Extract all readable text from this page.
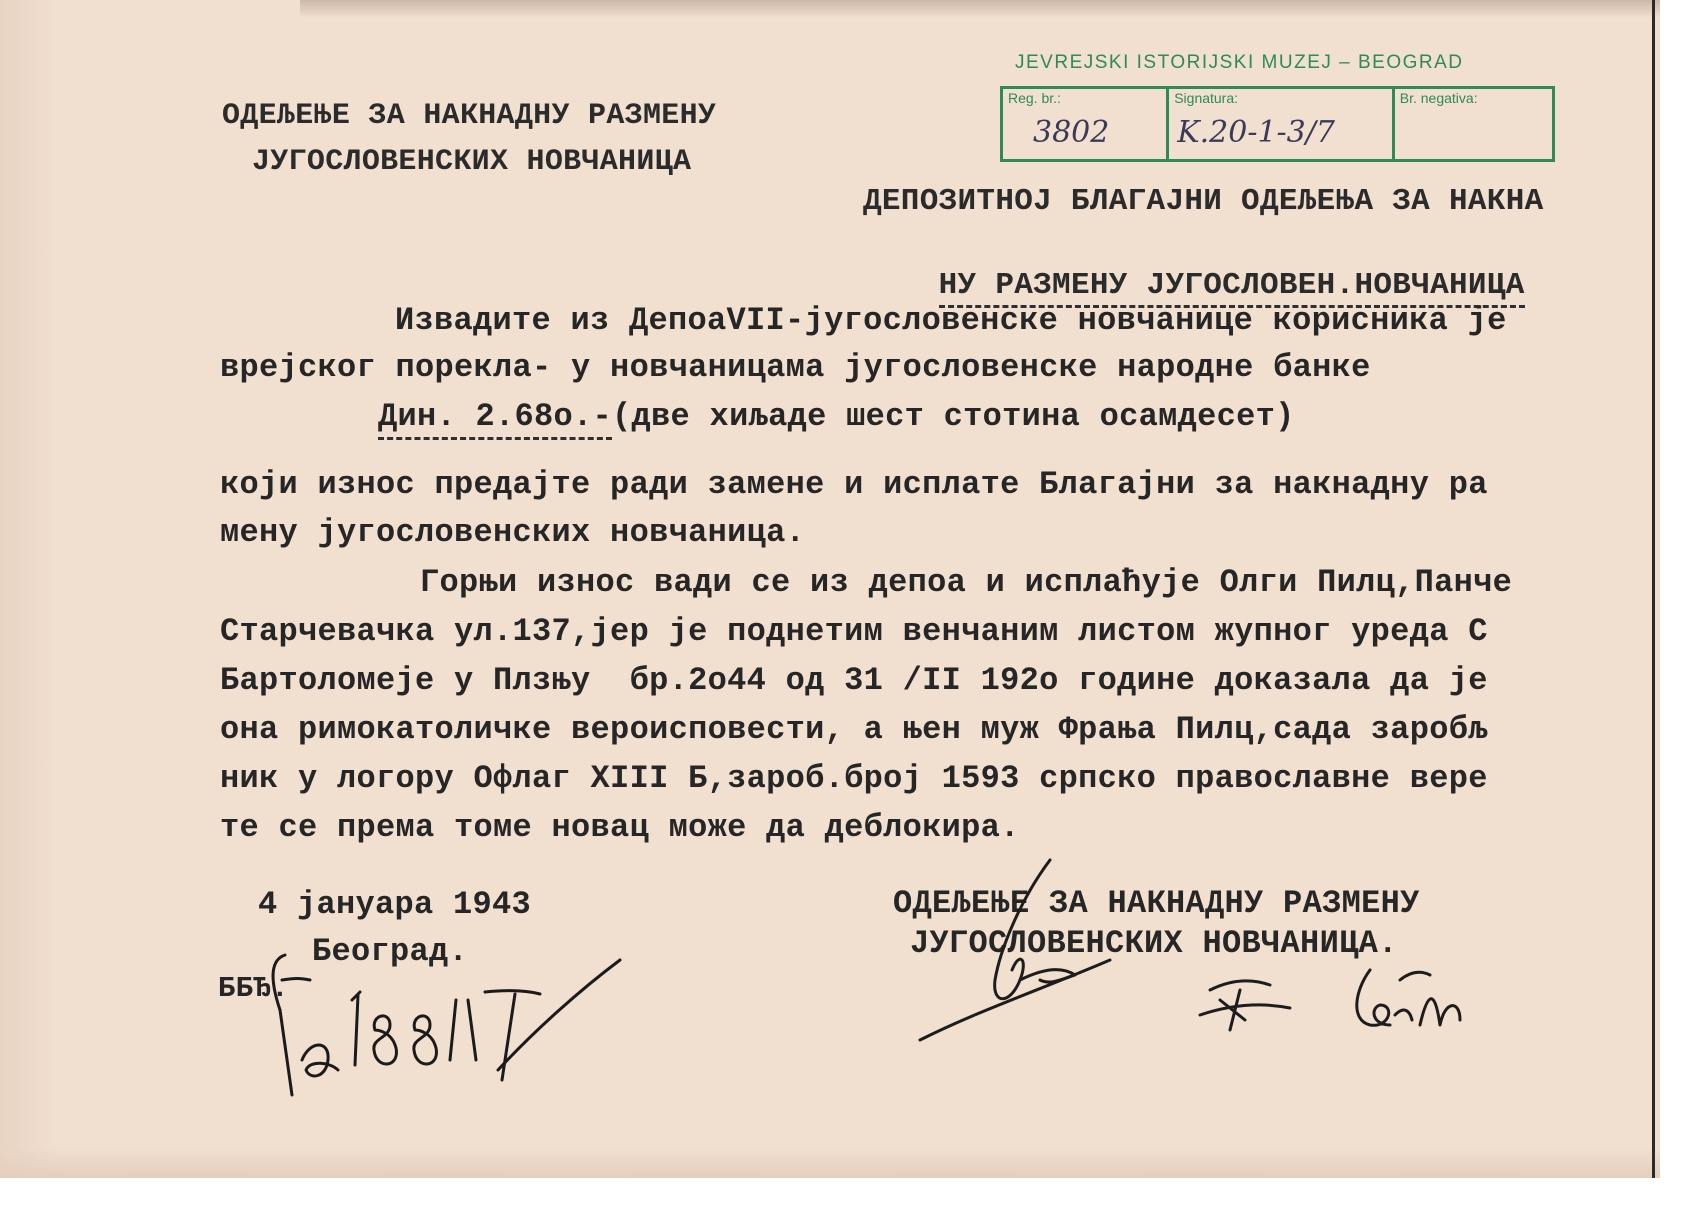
ОДЕЉЕЊЕ ЗА НАКНАДНУ РАЗМЕНУ
ЈУГОСЛОВЕНСКИХ НОВЧАНИЦА
JEVREJSKI ISTORIJSKI MUZEJ – BEOGRAD
Reg. br.:
3802
Signatura:
K.20-1-3/7
Br. negativa:
ДЕПОЗИТНОЈ БЛАГАЈНИ ОДЕЉЕЊА ЗА НАКНА

НУ РАЗМЕНУ ЈУГОСЛОВЕН.НОВЧАНИЦА

Извадите из ДепоаVII-југословенске новчанице корисника је
врејског порекла- у новчаницама југословенске народне банке
Дин. 2.68о.-(две хиљаде шест стотина осамдесет)
који износ предајте ради замене и исплате Благајни за накнадну ра
мену југословенских новчаница.
Горњи износ вади се из депоа и исплаћује Олги Пилц,Панче
Старчевачка ул.137,јер је поднетим венчаним листом жупног уреда С
Бартоломеје у Плзњу  бр.2о44 од 31 /II 192о године доказала да је
она римокатоличке вероисповести, а њен муж Фрања Пилц,сада заробљ
ник у логору Офлаг XIII Б,зароб.број 1593 српско православне вере
те се према томе новац може да деблокира.
4 јануара 1943
Београд.
ББЂ.
ОДЕЉЕЊЕ ЗА НАКНАДНУ РАЗМЕНУ
ЈУГОСЛОВЕНСКИХ НОВЧАНИЦА.
